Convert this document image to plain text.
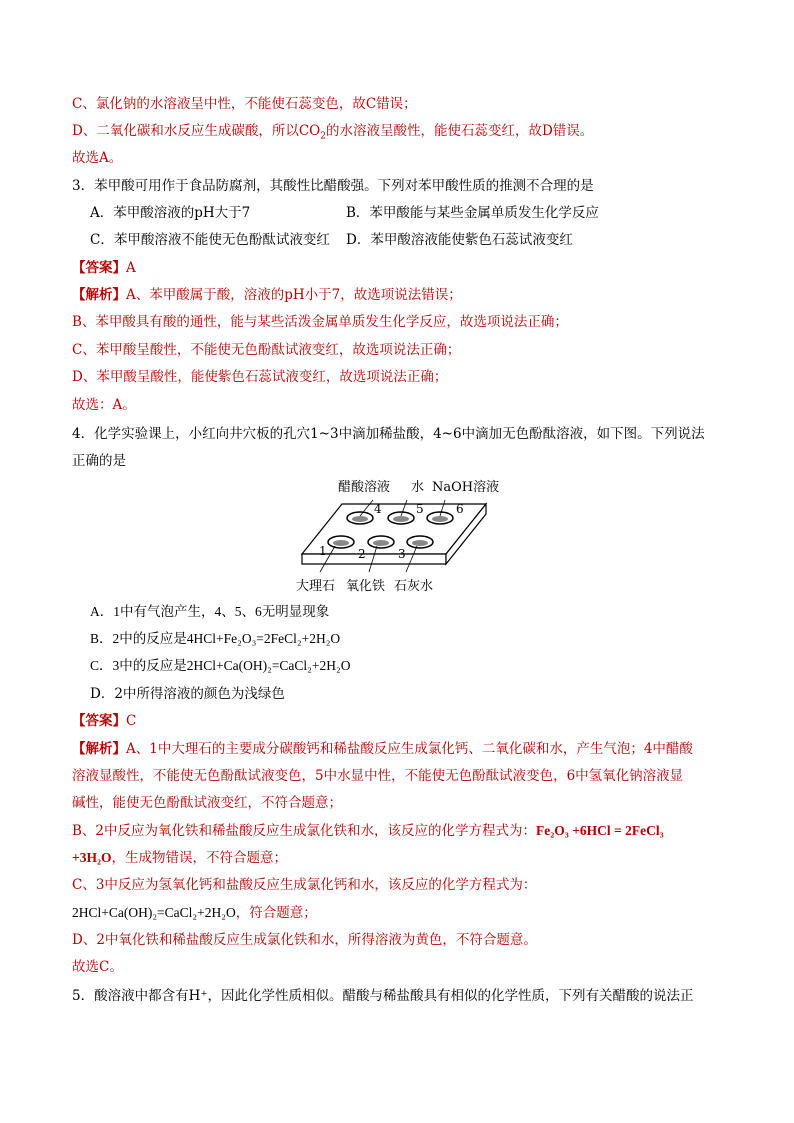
C、氯化钠的水溶液呈中性，不能使石蕊变色，故C错误；
D、二氧化碳和水反应生成碳酸，所以$CO_2$的水溶液呈酸性，能使石蕊变红，故D错误。
故选A。
3．苯甲酸可用作于食品防腐剂，其酸性比醋酸强。下列对苯甲酸性质的推测不合理的是
A．苯甲酸溶液的pH大于7	B．苯甲酸能与某些金属单质发生化学反应
C．苯甲酸溶液不能使无色酚酞试液变红 D．苯甲酸溶液能使紫色石蕊试液变红
【答案】A
【解析】A、苯甲酸属于酸，溶液的pH小于7，故选项说法错误；
B、苯甲酸具有酸的通性，能与某些活泼金属单质发生化学反应，故选项说法正确；
C、苯甲酸呈酸性，不能使无色酚酞试液变红，故选项说法正确；
D、苯甲酸呈酸性，能使紫色石蕊试液变红，故选项说法正确；
故选：A。
4．化学实验课上，小红向井穴板的孔穴1~3中滴加稀盐酸，4~6中滴加无色酚酞溶液，如下图。下列说法
正确的是
醋酸溶液 水 NaOH溶液
1	2	3
4	5	6
大理石 氧化铁 石灰水
A．1中有气泡产生，4、5、6无明显现象
B．2中的反应是4HCl+Fe₂O₃=2FeCl₂+2H₂O
C．3中的反应是2HCl+Ca(OH)₂=CaCl₂+2H₂O
D．2中所得溶液的颜色为浅绿色
【答案】C
【解析】A、1中大理石的主要成分碳酸钙和稀盐酸反应生成氯化钙、二氧化碳和水，产生气泡；4中醋酸
溶液显酸性，不能使无色酚酞试液变色，5中水显中性，不能使无色酚酞试液变色，6中氢氧化钠溶液显
碱性，能使无色酚酞试液变红，不符合题意；
B、2中反应为氧化铁和稀盐酸反应生成氯化铁和水，该反应的化学方程式为：Fe₂O₃ +6HCl = 2FeCl₃
+3H₂O，生成物错误，不符合题意；
C、3中反应为氢氧化钙和盐酸反应生成氯化钙和水，该反应的化学方程式为：
2HCl+Ca(OH)₂=CaCl₂+2H₂O，符合题意；
D、2中氧化铁和稀盐酸反应生成氯化铁和水，所得溶液为黄色，不符合题意。
故选C。
5．酸溶液中都含有H⁺，因此化学性质相似。醋酸与稀盐酸具有相似的化学性质，下列有关醋酸的说法正
